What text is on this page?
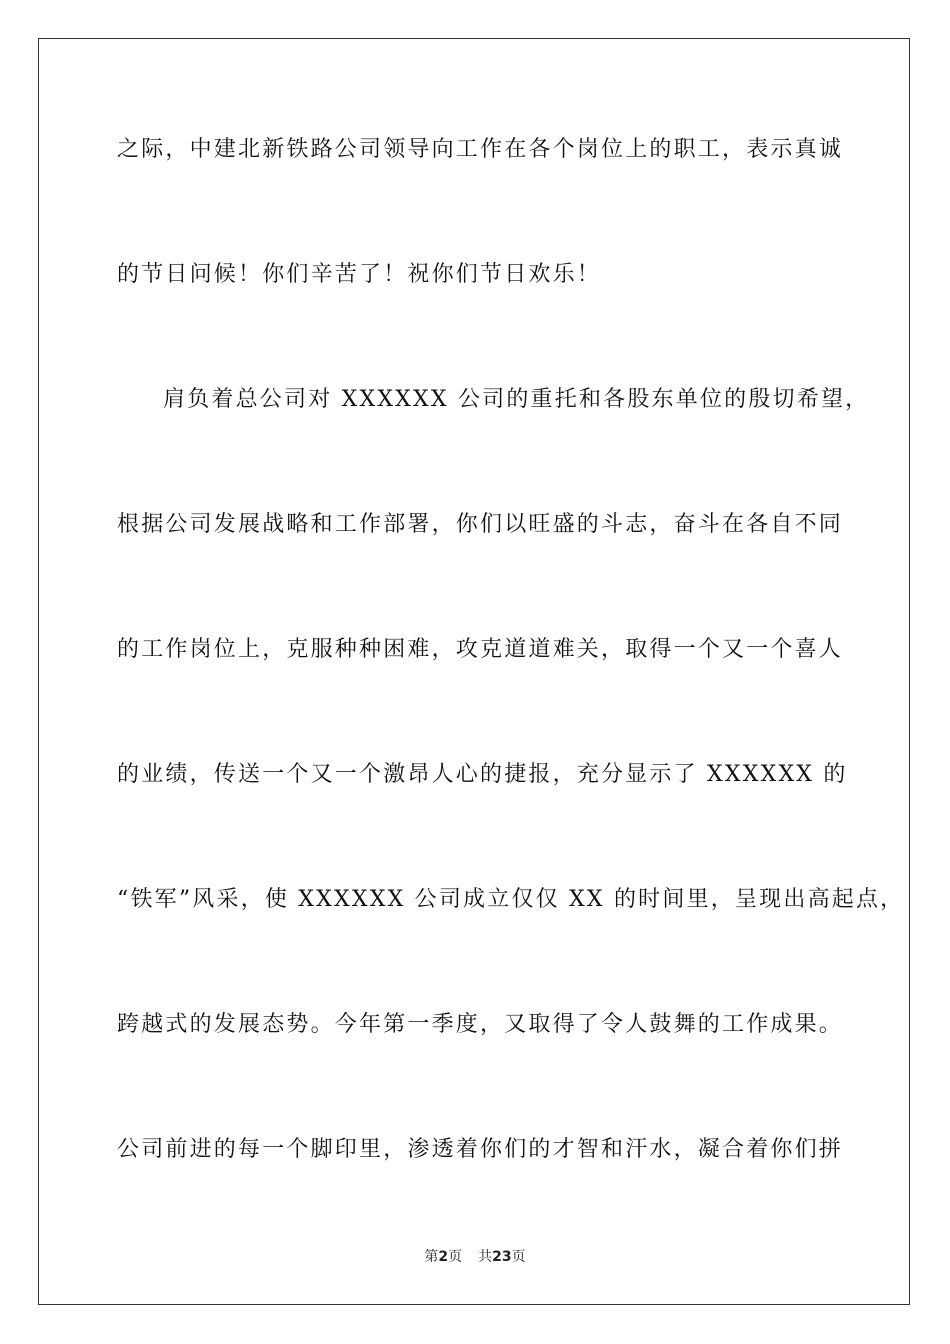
之际，中建北新铁路公司领导向工作在各个岗位上的职工，表示真诚
的节日问候！你们辛苦了！祝你们节日欢乐！
肩负着总公司对 XXXXXX 公司的重托和各股东单位的殷切希望，
根据公司发展战略和工作部署，你们以旺盛的斗志，奋斗在各自不同
的工作岗位上，克服种种困难，攻克道道难关，取得一个又一个喜人
的业绩，传送一个又一个激昂人心的捷报，充分显示了 XXXXXX 的
“铁军”风采，使 XXXXXX 公司成立仅仅 XX 的时间里，呈现出高起点，
跨越式的发展态势。今年第一季度，又取得了令人鼓舞的工作成果。
公司前进的每一个脚印里，渗透着你们的才智和汗水，凝合着你们拼
第2页 共23页
